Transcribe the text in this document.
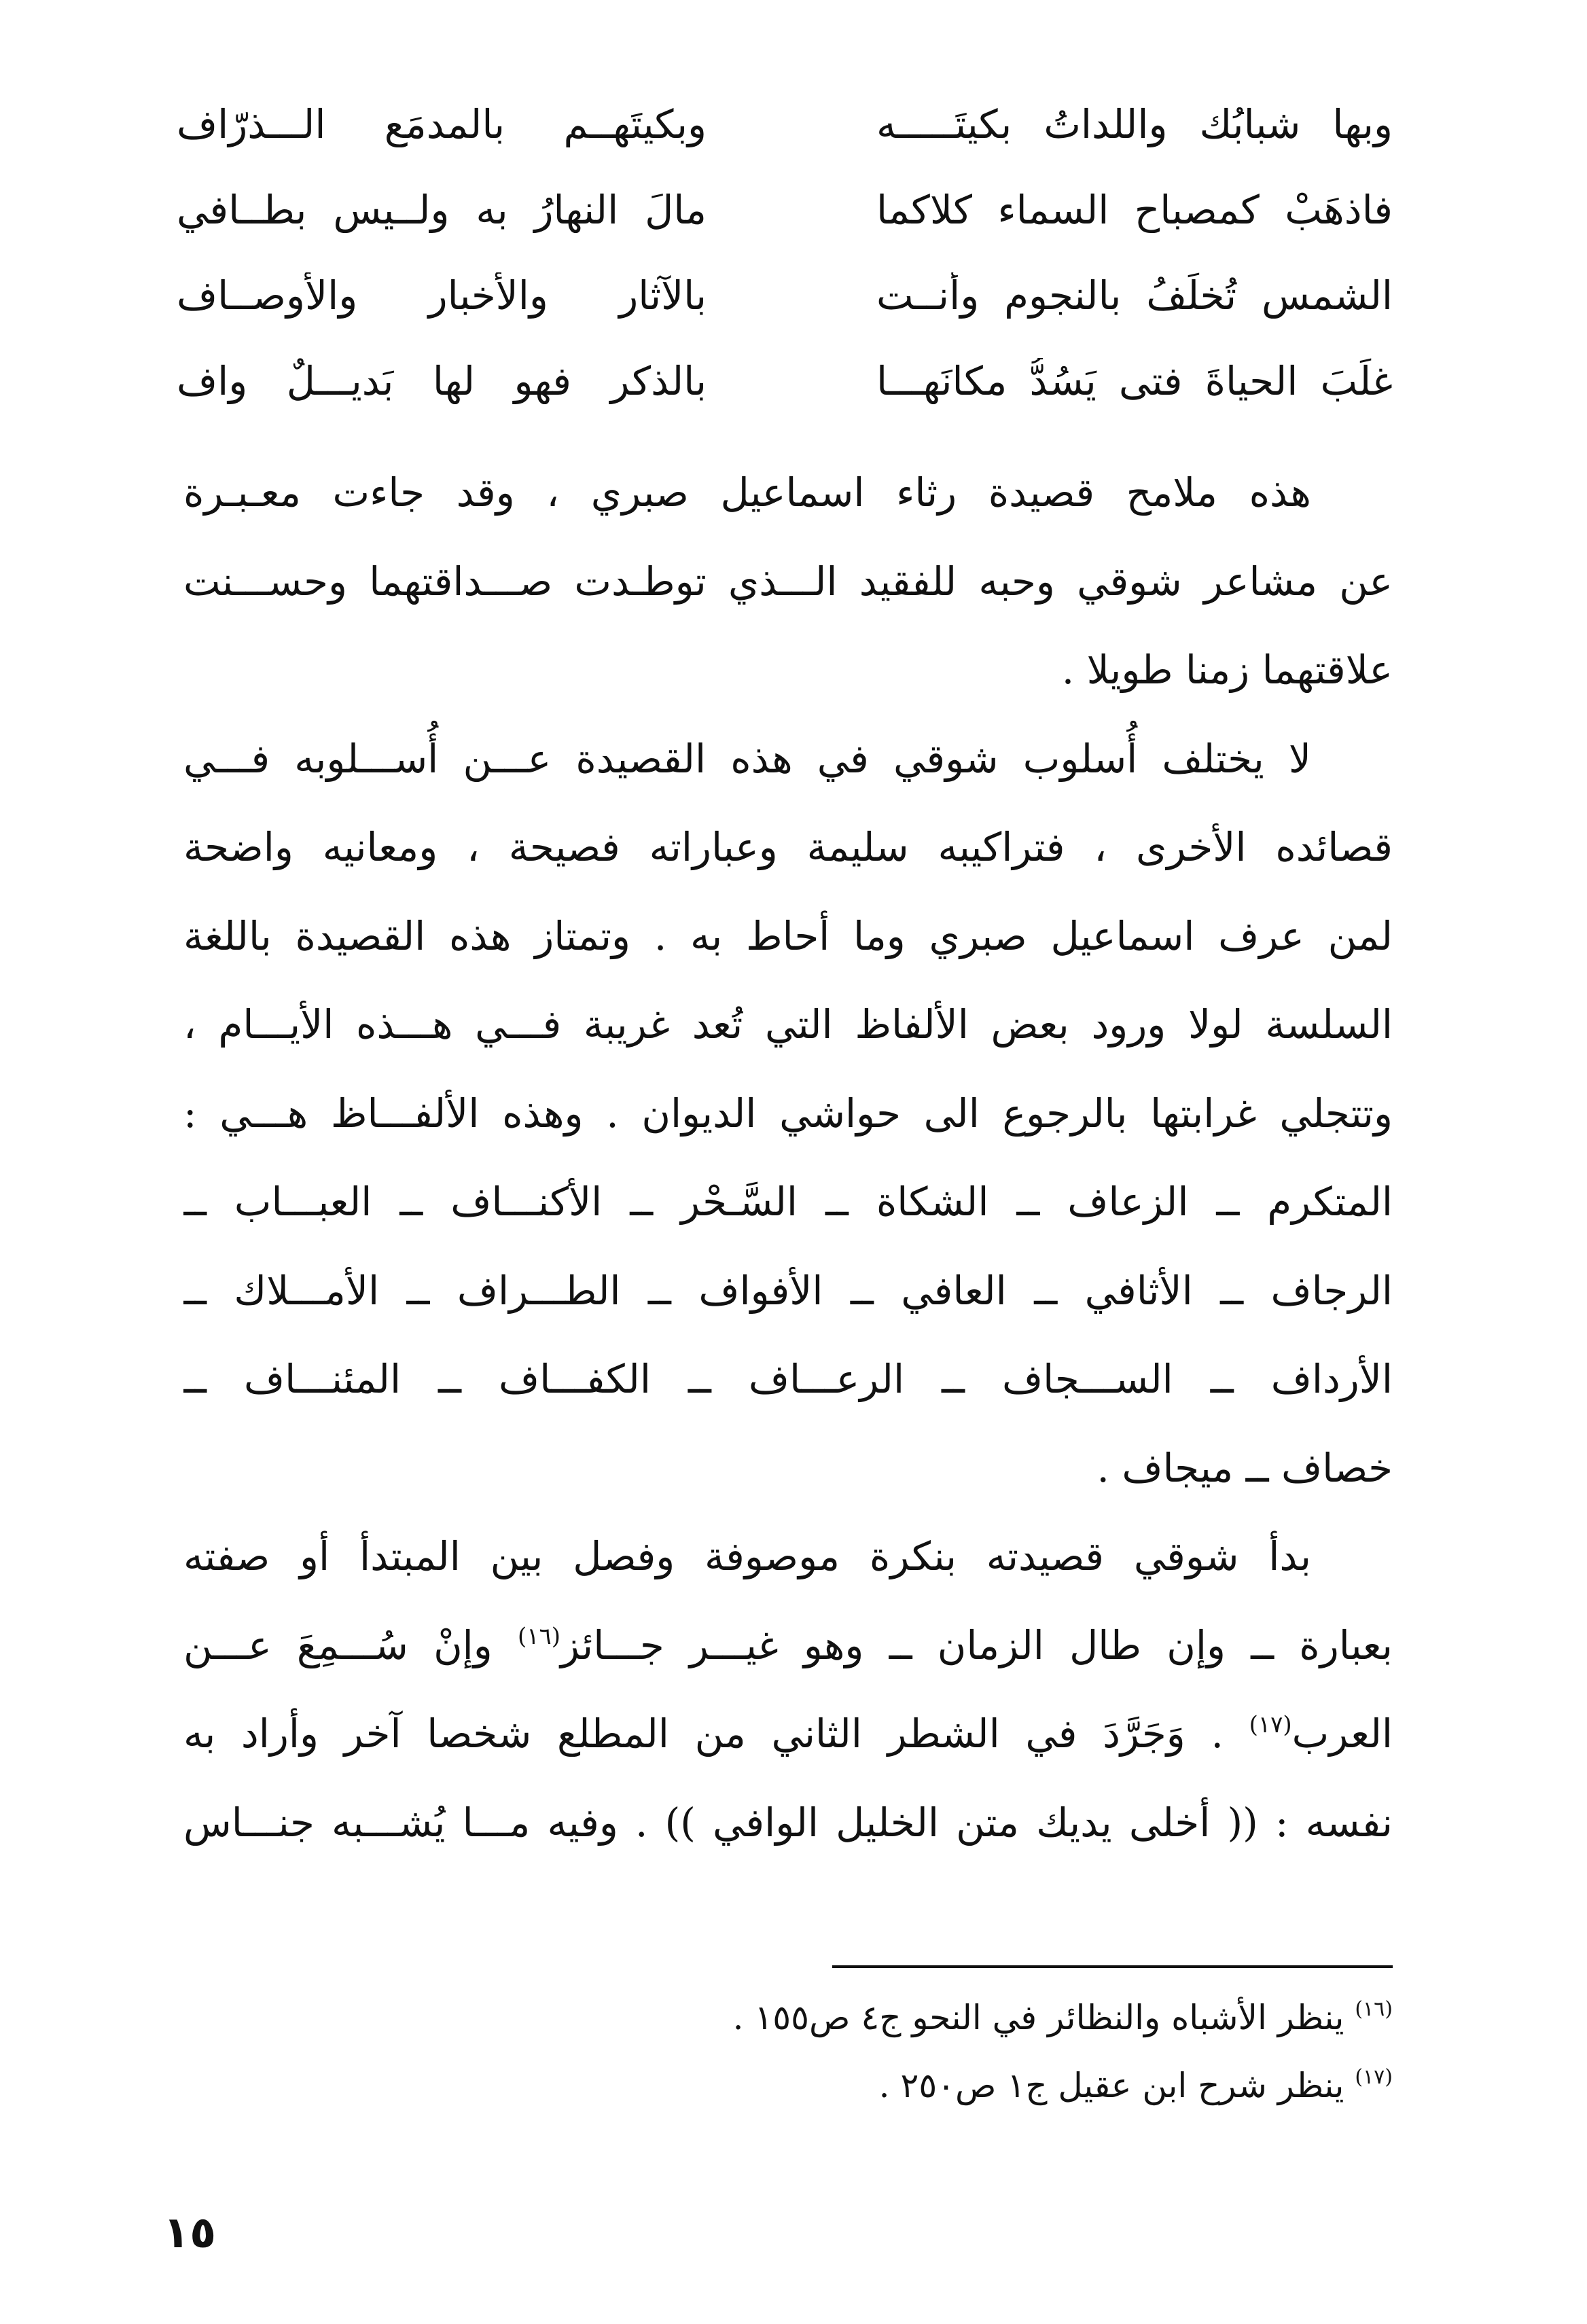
وبها شبابُك واللداتُ بكيتَـــــه
وبكيتَهــم بالمدمَعِ الـــذرّاف
فاذهَبْ كمصباحِ السماء كلاكما
مالَ النهارُ به ولــيس بطــافي
الشمس تُخلَفُ بالنجوم وأنــت
بالآثار والأخبار والأوصــاف
غلَبَ الحياةَ فتى يَسُدُّ مكانَهـــا
بالذكر فهو لها بَديـــلٌ واف

هذه ملامح قصيدة رثاء اسماعيل صبري ، وقد جاءت معـبـرة
عن مشاعر شوقي وحبه للفقيد الـــذي توطـدت صـــداقتهما وحســـنت
علاقتهما زمنا طويلا .

لا يختلف أُسلوب شوقي في هذه القصيدة عـــن أُســـلوبه فـــي
قصائده الأخرى ، فتراكيبه سليمة وعباراته فصيحة ، ومعانيه واضحة
لمن عرف اسماعيل صبري وما أحاط به . وتمتاز هذه القصيدة باللغة
السلسة لولا ورود بعض الألفاظ التي تُعد غريبة فـــي هـــذه الأيـــام ،
وتتجلي غرابتها بالرجوع الى حواشي الديوان . وهذه الألفـــاظ هـــي :
المتكرم ــ الزعاف ــ الشكاة ــ السَّـحْر ــ الأكنـــاف ــ العبـــاب ــ
الرجاف ــ الأثافي ــ العافي ــ الأفواف ــ الطـــراف ــ الأمـــلاك ــ
الأرداف ــ الســـجاف ــ الرعـــاف ــ الكفـــاف ــ المئنـــاف ــ
خصاف ــ ميجاف .

بدأ شوقي قصيدته بنكرة موصوفة وفصل بين المبتدأ أو صفته
بعبارة ــ وإن طال الزمان ــ وهو غيـــر جـــائز$^{(١٦)}$ وإنْ سُـــمِعَ عـــن
العرب$^{(١٧)}$ . وَجَرَّدَ في الشطر الثاني من المطلع شخصا آخر وأراد به
نفسه : (( أخلى يديك متن الخليل الوافي )) . وفيه مـــا يُشـــبه جنـــاس

$^{(١٦)}$ ينظر الأشباه والنظائر في النحو ج٤ ص١٥٥ .
$^{(١٧)}$ ينظر شرح ابن عقيل ج١ ص٢٥٠ .
١٥
